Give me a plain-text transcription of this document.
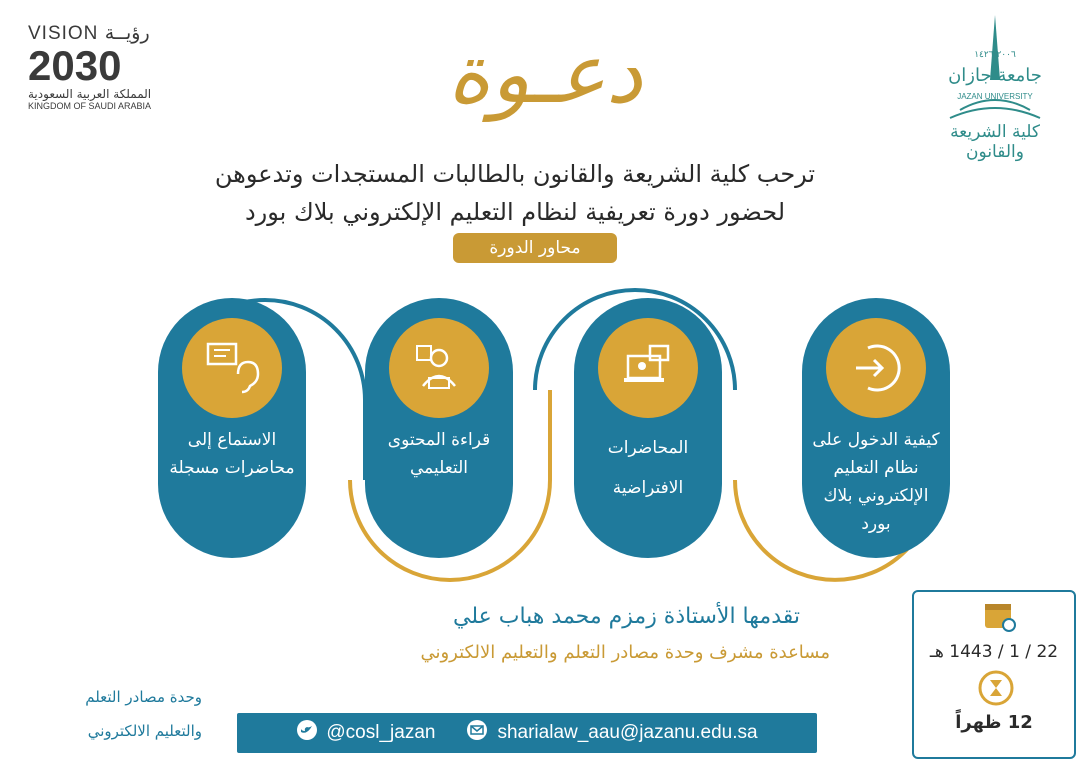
VISION رؤيــة
2030
المملكة العربية السعودية
KINGDOM OF SAUDI ARABIA	دعـوة	٢٠٠٦ ١٤٢٦
جامعة جازان
JAZAN UNIVERSITY
كلية الشريعة والقانون
ترحب كلية الشريعة والقانون بالطالبات المستجدات وتدعوهن
لحضور دورة تعريفية لنظام التعليم الإلكتروني بلاك بورد
محاور الدورة
كيفية الدخول على نظام التعليم الإلكتروني بلاك بورد
المحاضرات الافتراضية
قراءة المحتوى التعليمي
الاستماع إلى محاضرات مسجلة
تقدمها الأستاذة زمزم محمد هباب علي
مساعدة مشرف وحدة مصادر التعلم والتعليم الالكتروني
وحدة مصادر التعلم
والتعليم الالكتروني	@cosl_jazan	sharialaw_aau@jazanu.edu.sa
22 / 1 / 1443 هـ
12 ظهراً
